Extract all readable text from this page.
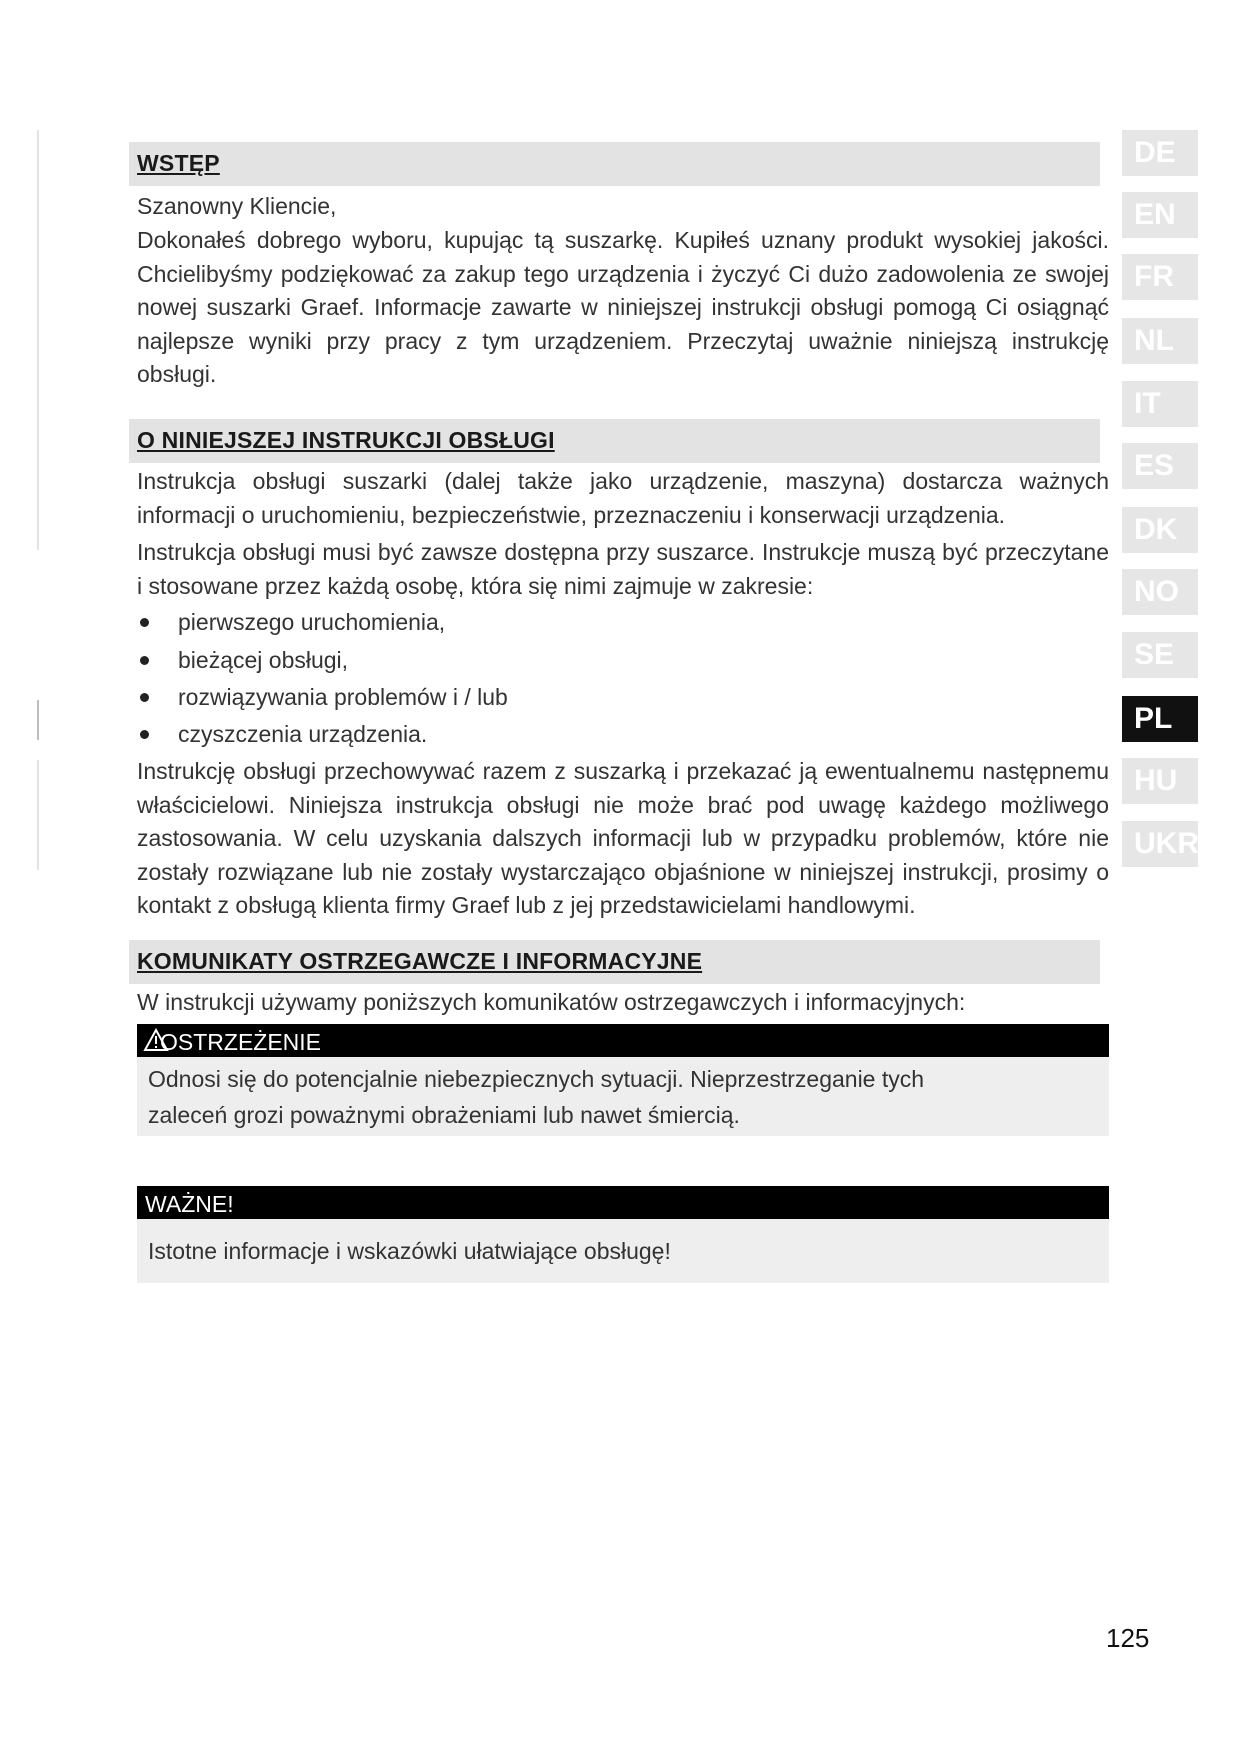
DE
EN
FR
NL
IT
ES
DK
NO
SE
PL
HU
UKR
WSTĘP

Szanowny Kliencie,

Dokonałeś dobrego wyboru, kupując tą suszarkę. Kupiłeś uznany produkt wysokiej jakości. Chcielibyśmy podziękować za zakup tego urządzenia i życzyć Ci dużo zadowolenia ze swojej nowej suszarki Graef. Informacje zawarte w niniejszej instrukcji obsługi pomogą Ci osiągnąć najlepsze wyniki przy pracy z tym urządzeniem. Przeczytaj uważnie niniejszą instrukcję obsługi.

O NINIEJSZEJ INSTRUKCJI OBSŁUGI

Instrukcja obsługi suszarki (dalej także jako urządzenie, maszyna) dostarcza ważnych informacji o uruchomieniu, bezpieczeństwie, przeznaczeniu i konserwacji urządzenia.

Instrukcja obsługi musi być zawsze dostępna przy suszarce. Instrukcje muszą być przeczytane i stosowane przez każdą osobę, która się nimi zajmuje w zakresie:

pierwszego uruchomienia,
bieżącej obsługi,
rozwiązywania problemów i / lub
czyszczenia urządzenia.

Instrukcję obsługi przechowywać razem z suszarką i przekazać ją ewentualnemu następnemu właścicielowi. Niniejsza instrukcja obsługi nie może brać pod uwagę każdego możliwego zastosowania. W celu uzyskania dalszych informacji lub w przypadku problemów, które nie zostały rozwiązane lub nie zostały wystarczająco objaśnione w niniejszej instrukcji, prosimy o kontakt z obsługą klienta firmy Graef lub z jej przedstawicielami handlowymi.

KOMUNIKATY OSTRZEGAWCZE I INFORMACYJNE

W instrukcji używamy poniższych komunikatów ostrzegawczych i informacyjnych:

OSTRZEŻENIE
Odnosi się do potencjalnie niebezpiecznych sytuacji. Nieprzestrzeganie tych
zaleceń grozi poważnymi obrażeniami lub nawet śmiercią.
WAŻNE!
Istotne informacje i wskazówki ułatwiające obsługę!
125
